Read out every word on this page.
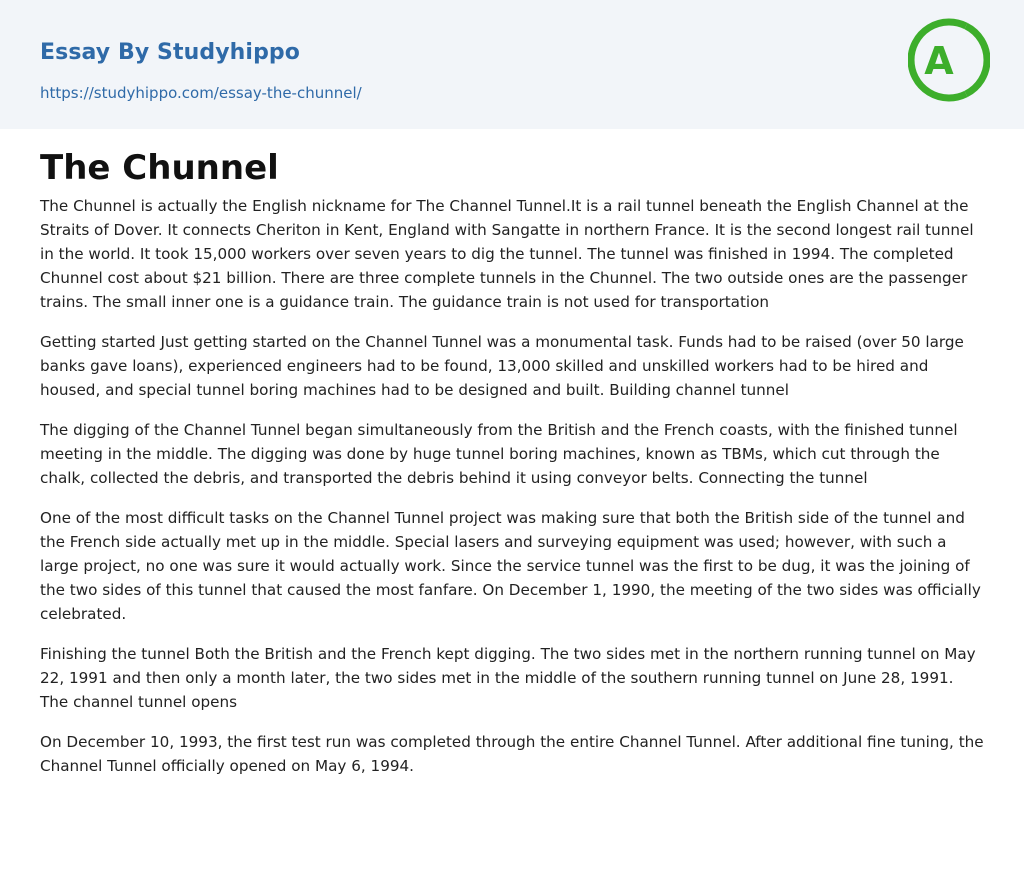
Essay By Studyhippo
https://studyhippo.com/essay-the-chunnel/
A
The Chunnel

The Chunnel is actually the English nickname for The Channel Tunnel.It is a rail tunnel beneath the English Channel at the Straits of Dover. It connects Cheriton in Kent, England with Sangatte in northern France. It is the second longest rail tunnel in the world. It took 15,000 workers over seven years to dig the tunnel. The tunnel was finished in 1994. The completed Chunnel cost about $21 billion. There are three complete tunnels in the Chunnel. The two outside ones are the passenger trains. The small inner one is a guidance train. The guidance train is not used for transportation

Getting started Just getting started on the Channel Tunnel was a monumental task. Funds had to be raised (over 50 large banks gave loans), experienced engineers had to be found, 13,000 skilled and unskilled workers had to be hired and housed, and special tunnel boring machines had to be designed and built. Building channel tunnel

The digging of the Channel Tunnel began simultaneously from the British and the French coasts, with the finished tunnel meeting in the middle. The digging was done by huge tunnel boring machines, known as TBMs, which cut through the chalk, collected the debris, and transported the debris behind it using conveyor belts. Connecting the tunnel

One of the most difficult tasks on the Channel Tunnel project was making sure that both the British side of the tunnel and the French side actually met up in the middle. Special lasers and surveying equipment was used; however, with such a large project, no one was sure it would actually work. Since the service tunnel was the first to be dug, it was the joining of the two sides of this tunnel that caused the most fanfare. On December 1, 1990, the meeting of the two sides was officially celebrated.

Finishing the tunnel Both the British and the French kept digging. The two sides met in the northern running tunnel on May 22, 1991 and then only a month later, the two sides met in the middle of the southern running tunnel on June 28, 1991. The channel tunnel opens

On December 10, 1993, the first test run was completed through the entire Channel Tunnel. After additional fine tuning, the Channel Tunnel officially opened on May 6, 1994.
